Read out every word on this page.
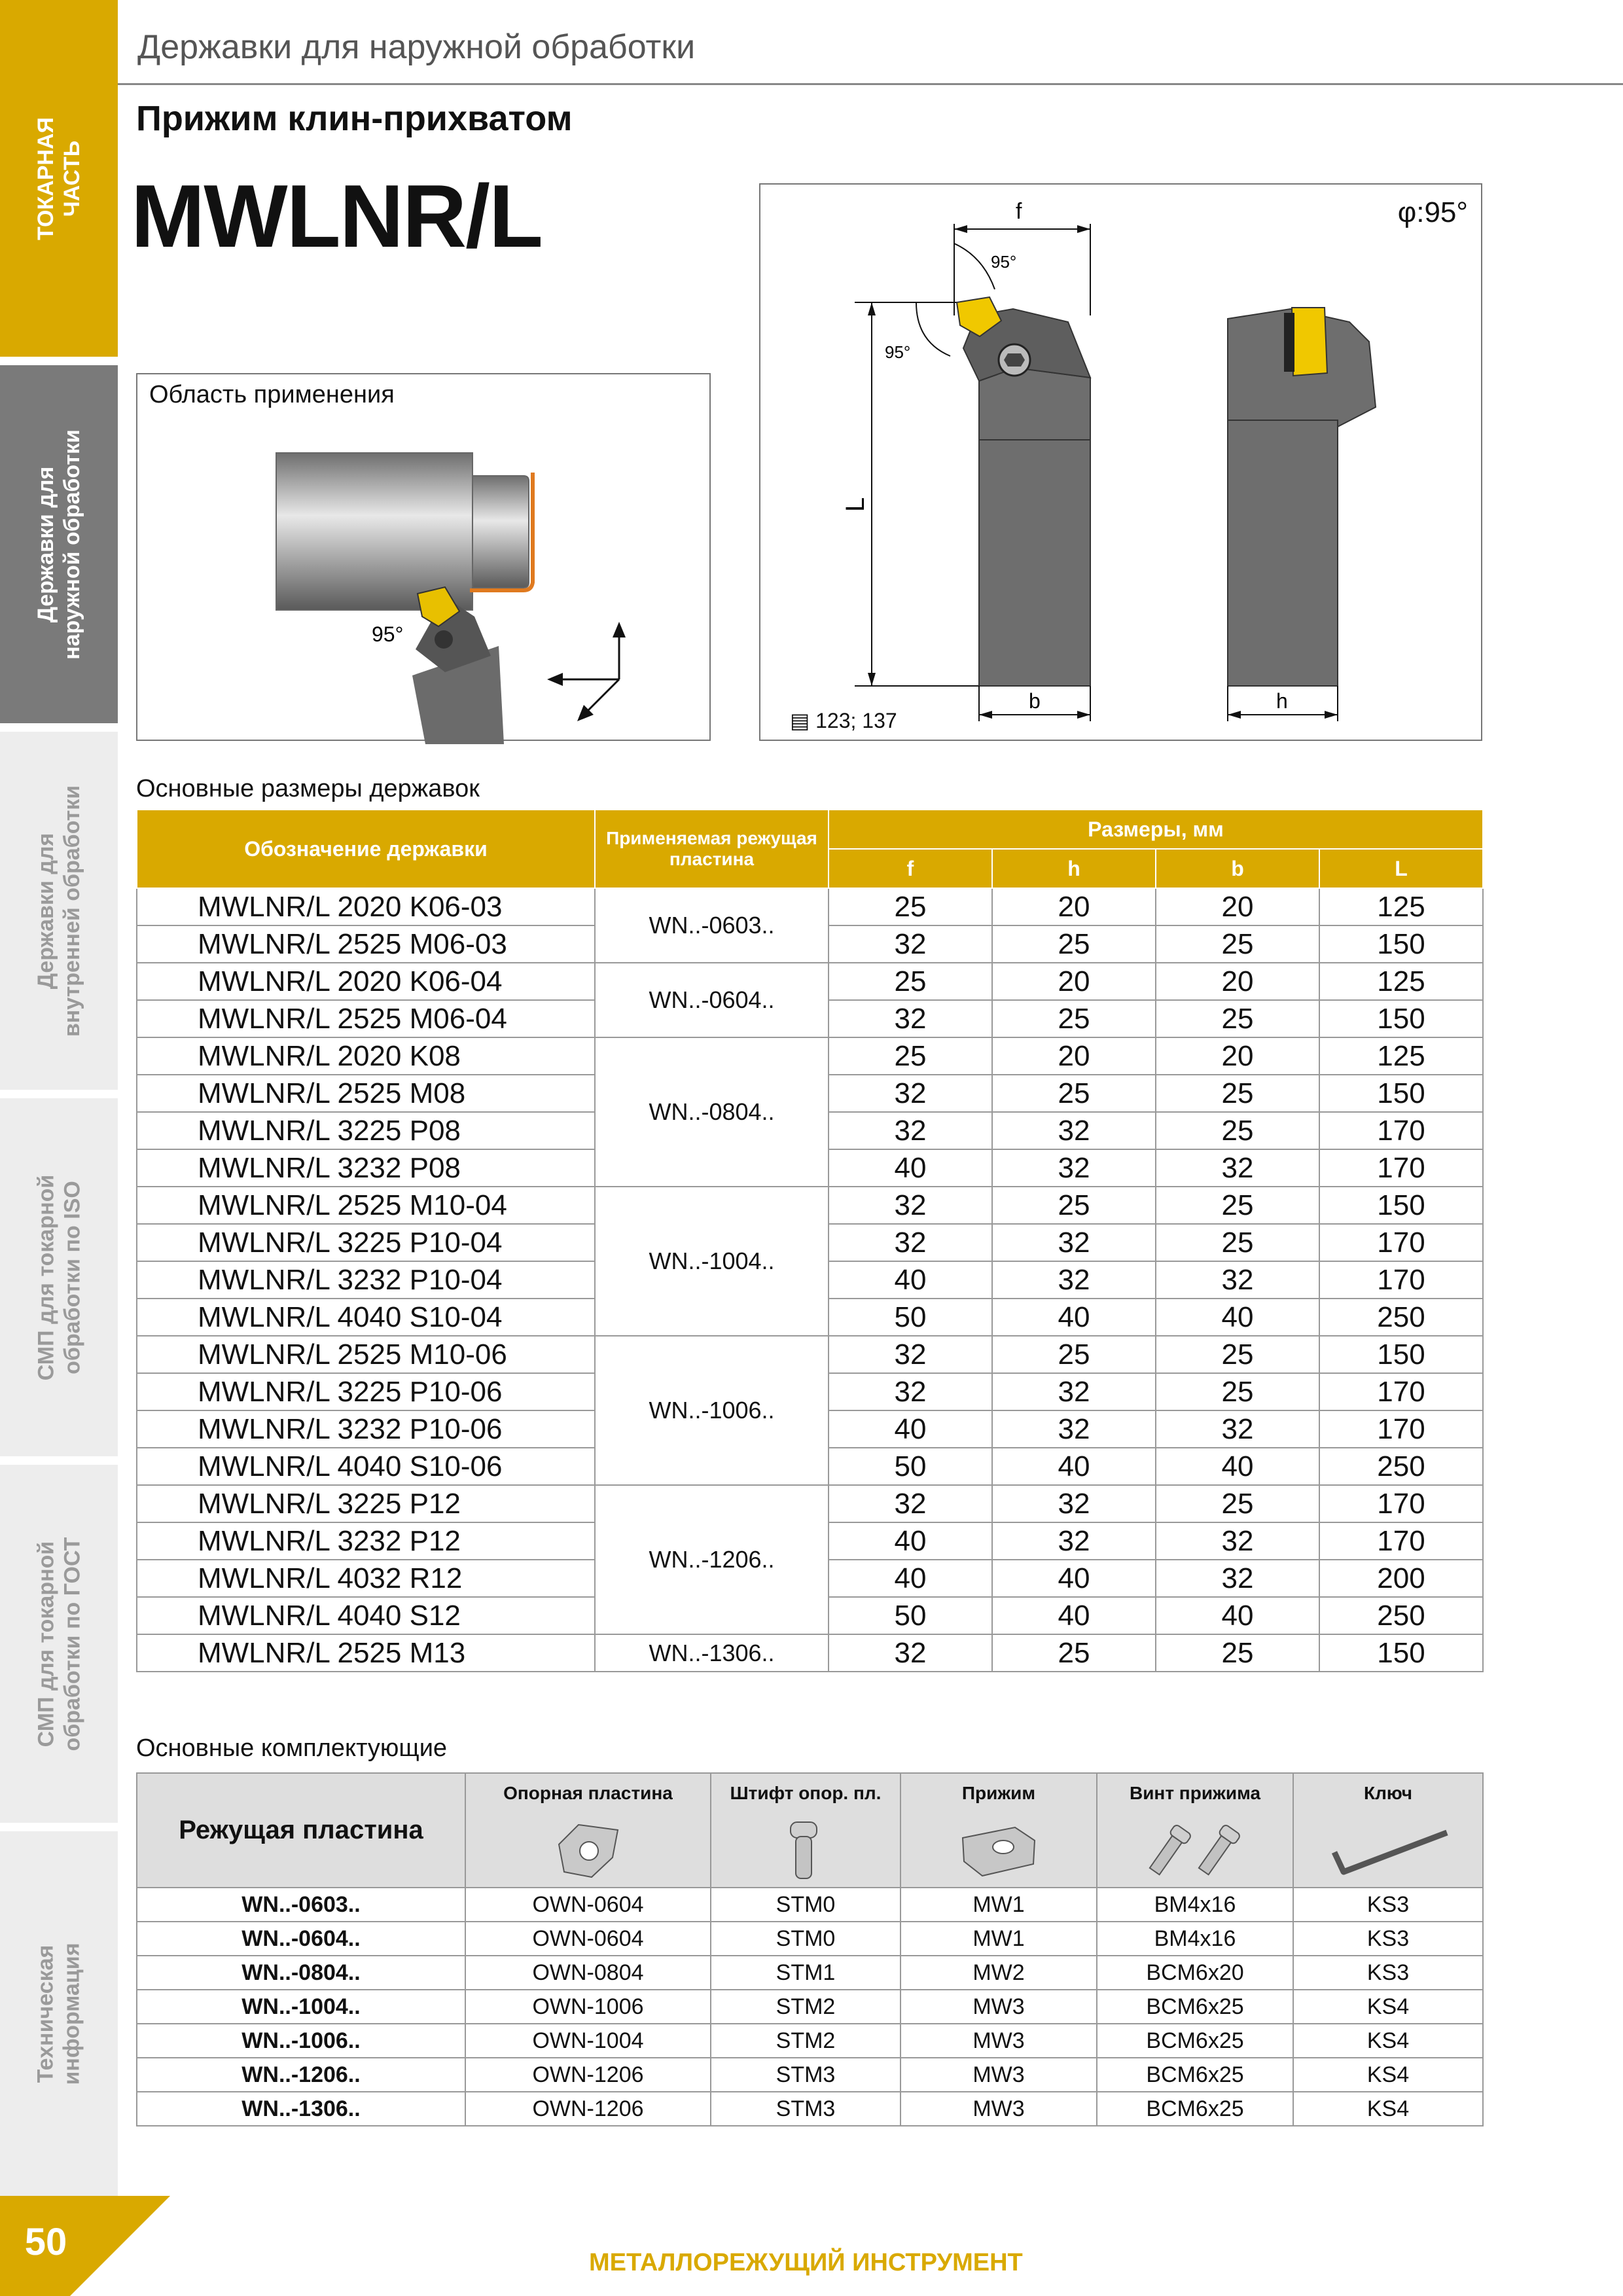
ТОКАРНАЯ
ЧАСТЬ
Державки для
наружной обработки
Державки для
внутренней обработки
СМП для токарной
обработки по ISO
СМП для токарной
обработки по ГОСТ
Техническая
информация
Державки для наружной обработки
Прижим клин-прихватом
MWLNR/L
Область применения
95°
φ:95°
▤ 123; 137
f
95°
L
95°
b	h
Основные размеры державок
Обозначение державки	Применяемая режущая пластина	Размеры, мм			
		f	h	b	L
MWLNR/L 2020 K06-03	WN..-0603..	25	20	20	125
MWLNR/L 2525 M06-03		32	25	25	150
MWLNR/L 2020 K06-04	WN..-0604..	25	20	20	125
MWLNR/L 2525 M06-04		32	25	25	150
MWLNR/L 2020 K08	WN..-0804..	25	20	20	125
MWLNR/L 2525 M08		32	25	25	150
MWLNR/L 3225 P08		32	32	25	170
MWLNR/L 3232 P08		40	32	32	170
MWLNR/L 2525 M10-04	WN..-1004..	32	25	25	150
MWLNR/L 3225 P10-04		32	32	25	170
MWLNR/L 3232 P10-04		40	32	32	170
MWLNR/L 4040 S10-04		50	40	40	250
MWLNR/L 2525 M10-06	WN..-1006..	32	25	25	150
MWLNR/L 3225 P10-06		32	32	25	170
MWLNR/L 3232 P10-06		40	32	32	170
MWLNR/L 4040 S10-06		50	40	40	250
MWLNR/L 3225 P12	WN..-1206..	32	32	25	170
MWLNR/L 3232 P12		40	32	32	170
MWLNR/L 4032 R12		40	40	32	200
MWLNR/L 4040 S12		50	40	40	250
MWLNR/L 2525 M13	WN..-1306..	32	25	25	150
Основные комплектующие
Режущая пластина	Опорная пластина	Штифт опор. пл.	Прижим	Винт прижима	Ключ

WN..-0603..	OWN-0604	STM0	MW1	BM4x16	KS3
WN..-0604..	OWN-0604	STM0	MW1	BM4x16	KS3
WN..-0804..	OWN-0804	STM1	MW2	BCM6x20	KS3
WN..-1004..	OWN-1006	STM2	MW3	BCM6x25	KS4
WN..-1006..	OWN-1004	STM2	MW3	BCM6x25	KS4
WN..-1206..	OWN-1206	STM3	MW3	BCM6x25	KS4
WN..-1306..	OWN-1206	STM3	MW3	BCM6x25	KS4
50	МЕТАЛЛОРЕЖУЩИЙ ИНСТРУМЕНТ
